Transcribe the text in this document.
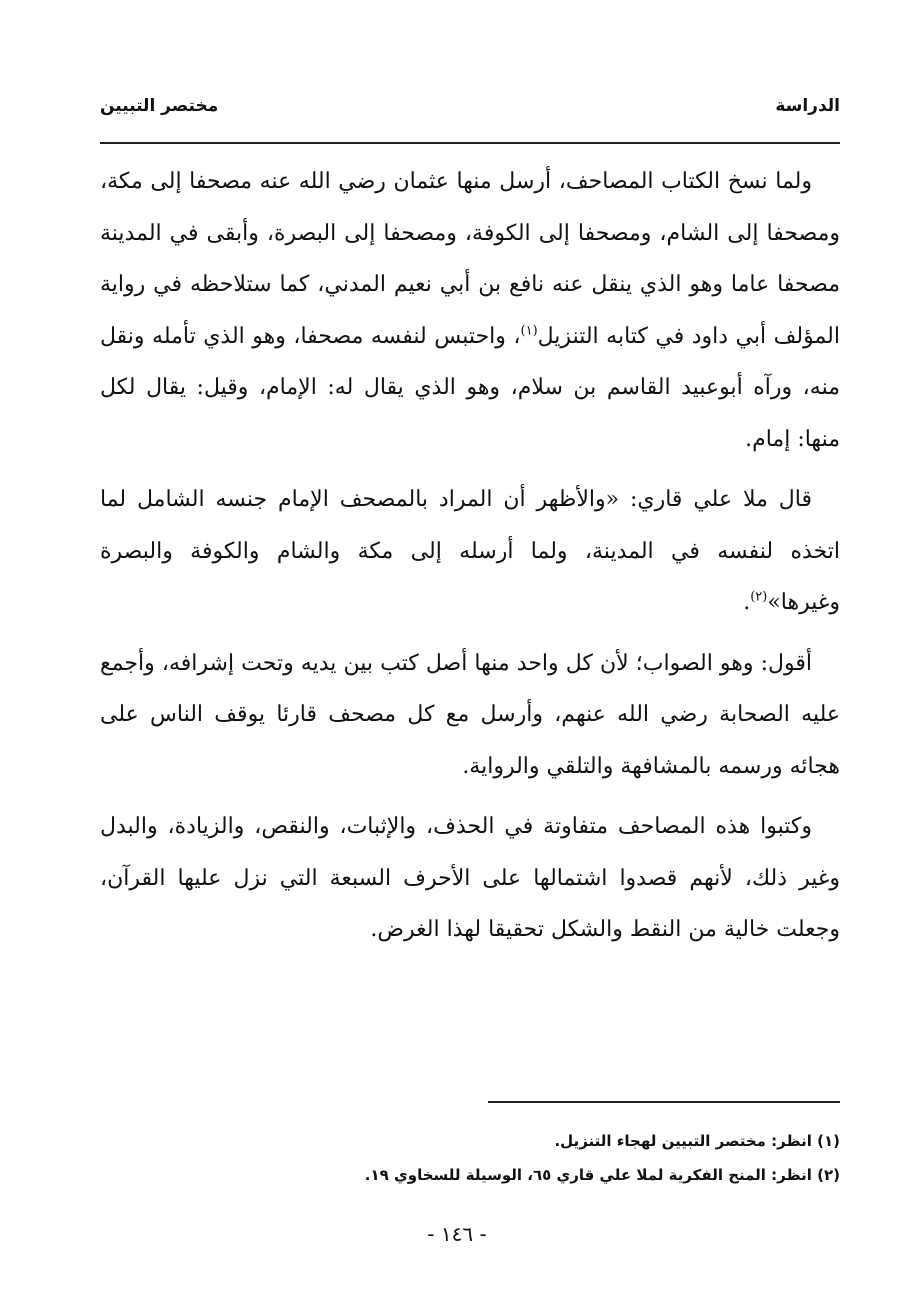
الدراسة
مختصر التبيين

ولما نسخ الكتاب المصاحف، أرسل منها عثمان رضي الله عنه مصحفا إلى مكة، ومصحفا إلى الشام، ومصحفا إلى الكوفة، ومصحفا إلى البصرة، وأبقى في المدينة مصحفا عاما وهو الذي ينقل عنه نافع بن أبي نعيم المدني، كما ستلاحظه في رواية المؤلف أبي داود في كتابه التنزيل$^{(١)}$، واحتبس لنفسه مصحفا، وهو الذي تأمله ونقل منه، ورآه أبوعبيد القاسم بن سلام، وهو الذي يقال له: الإمام، وقيل: يقال لكل منها: إمام.

قال ملا علي قاري: «والأظهر أن المراد بالمصحف الإمام جنسه الشامل لما اتخذه لنفسه في المدينة، ولما أرسله إلى مكة والشام والكوفة والبصرة وغيرها»$^{(٢)}$.

أقول: وهو الصواب؛ لأن كل واحد منها أصل كتب بين يديه وتحت إشرافه، وأجمع عليه الصحابة رضي الله عنهم، وأرسل مع كل مصحف قارئا يوقف الناس على هجائه ورسمه بالمشافهة والتلقي والرواية.

وكتبوا هذه المصاحف متفاوتة في الحذف، والإثبات، والنقص، والزيادة، والبدل وغير ذلك، لأنهم قصدوا اشتمالها على الأحرف السبعة التي نزل عليها القرآن، وجعلت خالية من النقط والشكل تحقيقا لهذا الغرض.

(١) انظر: مختصر التبيين لهجاء التنزيل.

(٢) انظر: المنح الفكرية لملا علي قاري ٦٥، الوسيلة للسخاوي ١٩.

- ١٤٦ -
